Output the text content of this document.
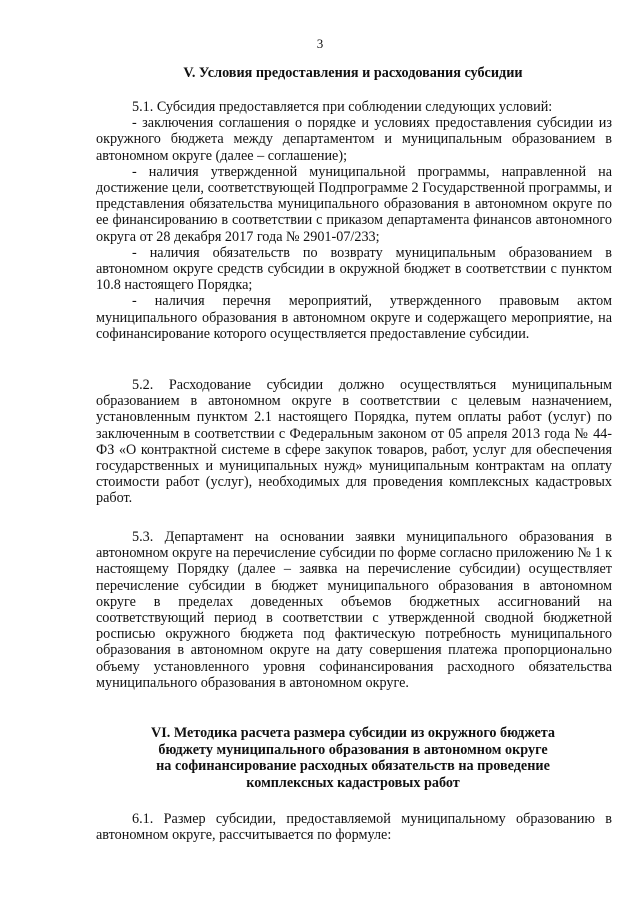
3
V. Условия предоставления и расходования субсидии
5.1. Субсидия предоставляется при соблюдении следующих условий:
- заключения соглашения о порядке и условиях предоставления субсидии из окружного бюджета между департаментом и муниципальным образованием в автономном округе (далее – соглашение);
- наличия утвержденной муниципальной программы, направленной на достижение цели, соответствующей Подпрограмме 2 Государственной программы, и представления обязательства муниципального образования в автономном округе по ее финансированию в соответствии с приказом департамента финансов автономного округа от 28 декабря 2017 года № 2901-07/233;
- наличия обязательств по возврату муниципальным образованием в автономном округе средств субсидии в окружной бюджет в соответствии с пунктом 10.8 настоящего Порядка;
- наличия перечня мероприятий, утвержденного правовым актом муниципального образования в автономном округе и содержащего мероприятие, на софинансирование которого осуществляется предоставление субсидии.
5.2. Расходование субсидии должно осуществляться муниципальным образованием в автономном округе в соответствии с целевым назначением, установленным пунктом 2.1 настоящего Порядка, путем оплаты работ (услуг) по заключенным в соответствии с Федеральным законом от 05 апреля 2013 года № 44-ФЗ «О контрактной системе в сфере закупок товаров, работ, услуг для обеспечения государственных и муниципальных нужд» муниципальным контрактам на оплату стоимости работ (услуг), необходимых для проведения комплексных кадастровых работ.
5.3. Департамент на основании заявки муниципального образования в автономном округе на перечисление субсидии по форме согласно приложению № 1 к настоящему Порядку (далее – заявка на перечисление субсидии) осуществляет перечисление субсидии в бюджет муниципального образования в автономном округе в пределах доведенных объемов бюджетных ассигнований на соответствующий период в соответствии с утвержденной сводной бюджетной росписью окружного бюджета под фактическую потребность муниципального образования в автономном округе на дату совершения платежа пропорционально объему установленного уровня софинансирования расходного обязательства муниципального образования в автономном округе.
VI. Методика расчета размера субсидии из окружного бюджета
бюджету муниципального образования в автономном округе
на софинансирование расходных обязательств на проведение
комплексных кадастровых работ
6.1. Размер субсидии, предоставляемой муниципальному образованию в автономном округе, рассчитывается по формуле:
